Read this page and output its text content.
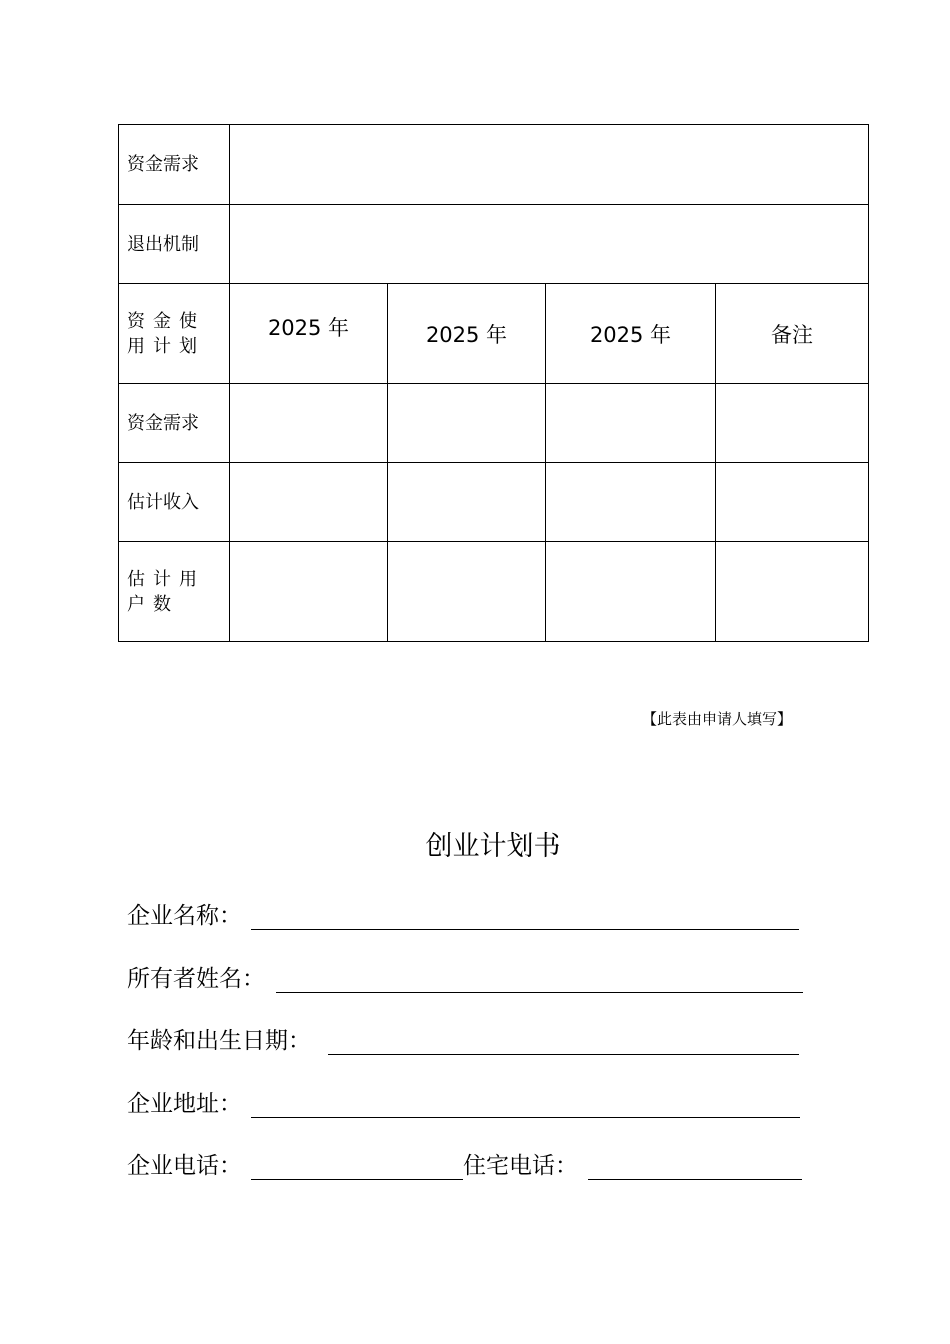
资金需求				
退出机制				
资金使用计划	2025 年	2025 年	2025 年	备注
资金需求				
估计收入				
估计用户数				
【此表由申请人填写】
创业计划书
企业名称：
所有者姓名：
年龄和出生日期：
企业地址：
企业电话：	住宅电话：
